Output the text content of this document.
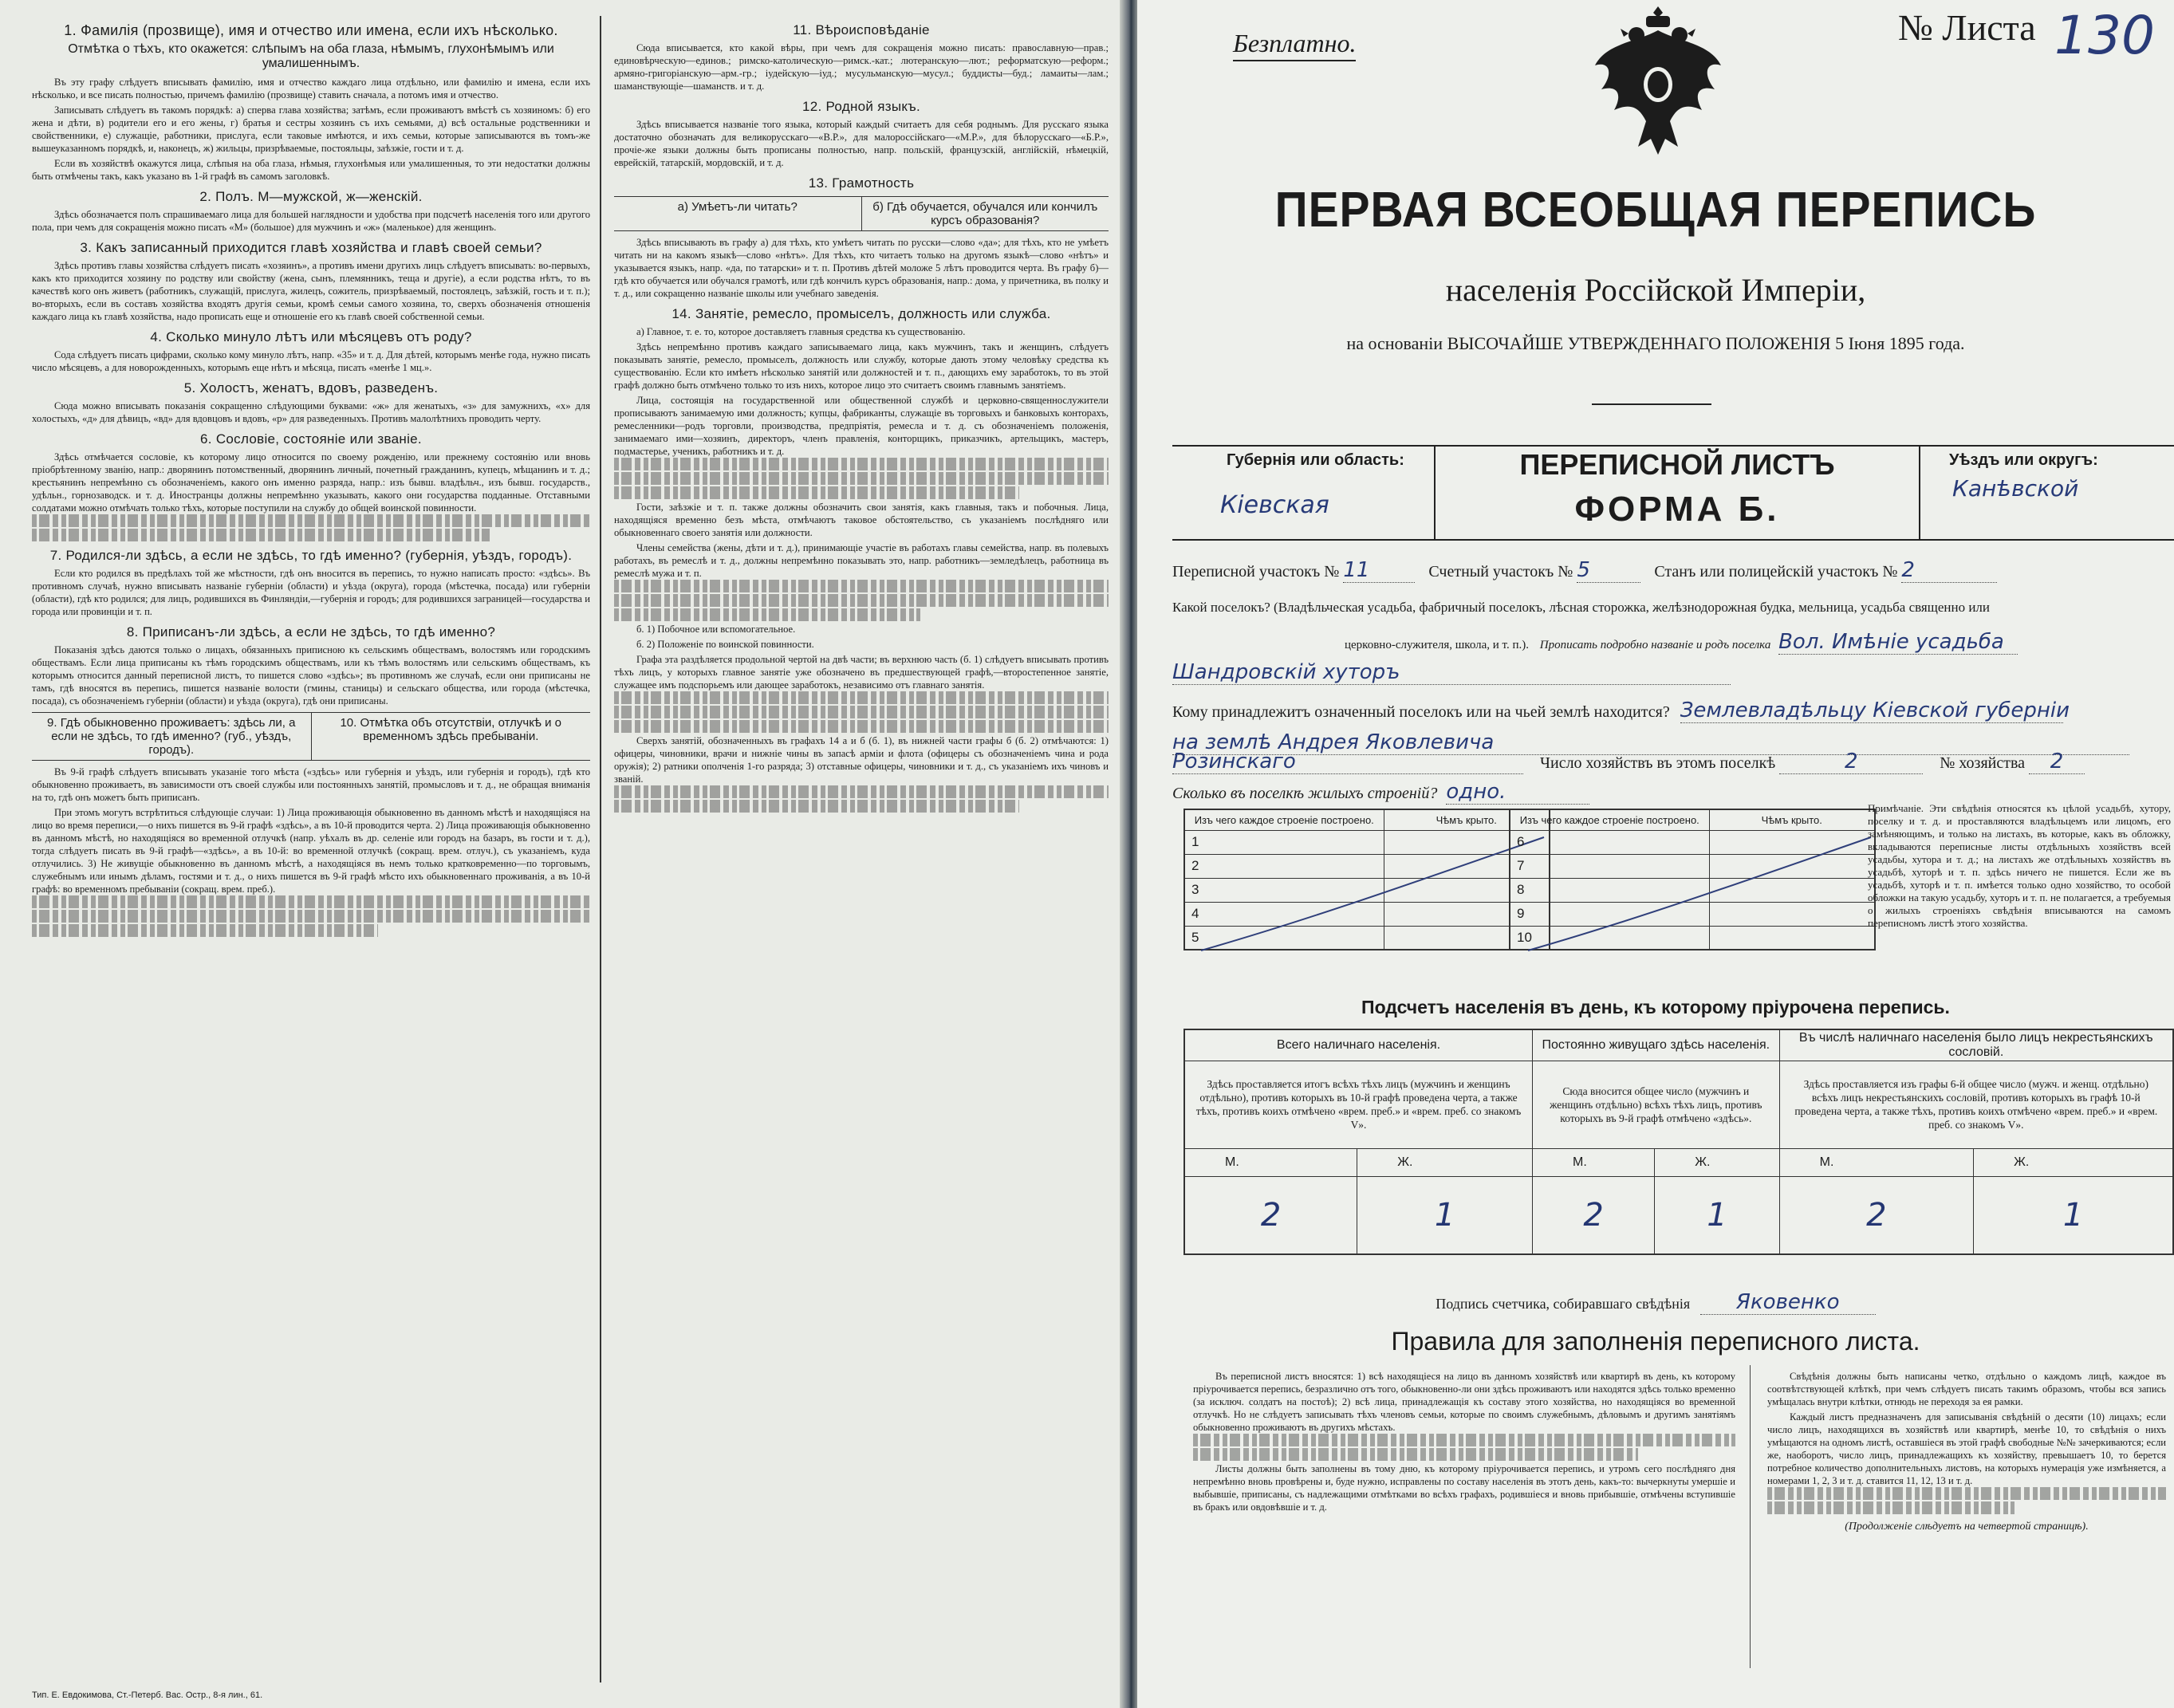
1. Фамилія (прозвище), имя и отчество или имена, если ихъ нѣсколько.
Отмѣтка о тѣхъ, кто окажется: слѣпымъ на оба глаза, нѣмымъ, глухонѣмымъ или умалишеннымъ.

Въ эту графу слѣдуетъ вписывать фамилію, имя и отчество каждаго лица отдѣльно, или фамилію и имена, если ихъ нѣсколько, и все писать полностью, причемъ фамилію (прозвище) ставить сначала, а потомъ имя и отчество.

Записывать слѣдуетъ въ такомъ порядкѣ: а) сперва глава хозяйства; затѣмъ, если проживаютъ вмѣстѣ съ хозяиномъ: б) его жена и дѣти, в) родители его и его жены, г) братья и сестры хозяинъ съ ихъ семьями, д) всѣ остальные родственники и свойственники, е) служащіе, работники, прислуга, если таковые имѣются, и ихъ семьи, которые записываются въ томъ-же вышеуказанномъ порядкѣ, и, наконецъ, ж) жильцы, призрѣваемые, постояльцы, заѣзжіе, гости и т. д.

Если въ хозяйствѣ окажутся лица, слѣпыя на оба глаза, нѣмыя, глухонѣмыя или умалишенныя, то эти недостатки должны быть отмѣчены такъ, какъ указано въ 1-й графѣ въ самомъ заголовкѣ.

2. Полъ. М—мужской, ж—женскій.

Здѣсь обозначается полъ спрашиваемаго лица для большей наглядности и удобства при подсчетѣ населенія того или другого пола, при чемъ для сокращенія можно писать «М» (большое) для мужчинъ и «ж» (маленькое) для женщинъ.

3. Какъ записанный приходится главѣ хозяйства и главѣ своей семьи?

Здѣсь противъ главы хозяйства слѣдуетъ писать «хозяинъ», а противъ имени другихъ лицъ слѣдуетъ вписывать: во-первыхъ, какъ кто приходится хозяину по родству или свойству (жена, сынъ, племянникъ, теща и другіе), а если родства нѣтъ, то въ качествѣ кого онъ живетъ (работникъ, служащій, прислуга, жилецъ, сожитель, призрѣваемый, постоялецъ, заѣзжій, гость и т. п.); во-вторыхъ, если въ составъ хозяйства входятъ другія семьи, кромѣ семьи самого хозяина, то, сверхъ обозначенія отношенія каждаго лица къ главѣ хозяйства, надо прописать еще и отношеніе его къ главѣ своей собственной семьи.

4. Сколько минуло лѣтъ или мѣсяцевъ отъ роду?

Сода слѣдуетъ писать цифрами, сколько кому минуло лѣтъ, напр. «35» и т. д. Для дѣтей, которымъ менѣе года, нужно писать число мѣсяцевъ, а для новорожденныхъ, которымъ еще нѣтъ и мѣсяца, писать «менѣе 1 мц.».

5. Холостъ, женатъ, вдовъ, разведенъ.

Сюда можно вписывать показанія сокращенно слѣдующими буквами: «ж» для женатыхъ, «з» для замужнихъ, «х» для холостыхъ, «д» для дѣвицъ, «вд» для вдовцовъ и вдовъ, «р» для разведенныхъ. Противъ малолѣтнихъ проводить черту.

6. Сословіе, состояніе или званіе.

Здѣсь отмѣчается сословіе, къ которому лицо относится по своему рожденію, или прежнему состоянію или вновь пріобрѣтенному званію, напр.: дворянинъ потомственный, дворянинъ личный, почетный гражданинъ, купецъ, мѣщанинъ и т. д.; крестьянинъ непремѣнно съ обозначеніемъ, какого онъ именно разряда, напр.: изъ бывш. владѣльч., изъ бывш. государств., удѣльн., горнозаводск. и т. д. Иностранцы должны непремѣнно указывать, какого они государства подданные. Отставными солдатами можно отмѣчать только тѣхъ, которые поступили на службу до общей воинской повинности.

7. Родился-ли здѣсь, а если не здѣсь, то гдѣ именно? (губернія, уѣздъ, городъ).

Если кто родился въ предѣлахъ той же мѣстности, гдѣ онъ вносится въ перепись, то нужно написать просто: «здѣсь». Въ противномъ случаѣ, нужно вписывать названіе губерніи (области) и уѣзда (округа), города (мѣстечка, посада) или губерніи (области), гдѣ кто родился; для лицъ, родившихся въ Финляндіи,—губернія и городъ; для родившихся заграницей—государства и города или провинціи и т. п.

8. Приписанъ-ли здѣсь, а если не здѣсь, то гдѣ именно?

Показанія здѣсь даются только о лицахъ, обязанныхъ приписною къ сельскимъ обществамъ, волостямъ или городскимъ обществамъ. Если лица приписаны къ тѣмъ городскимъ обществамъ, или къ тѣмъ волостямъ или сельскимъ обществамъ, къ которымъ относится данный переписной листъ, то пишется слово «здѣсь»; въ противномъ же случаѣ, если они приписаны не тамъ, гдѣ вносятся въ перепись, пишется названіе волости (гмины, станицы) и сельскаго общества, или города (мѣстечка, посада), съ обозначеніемъ губерніи (области) и уѣзда (округа), гдѣ они приписаны.

9. Гдѣ обыкновенно проживаетъ: здѣсь ли, а если не здѣсь, то гдѣ именно? (губ., уѣздъ, городъ).
10. Отмѣтка объ отсутствіи, отлучкѣ и о временномъ здѣсь пребываніи.

Въ 9-й графѣ слѣдуетъ вписывать указаніе того мѣста («здѣсь» или губернія и уѣздъ, или губернія и городъ), гдѣ кто обыкновенно проживаетъ, въ зависимости отъ своей службы или постоянныхъ занятій, промысловъ и т. д., не обращая вниманія на то, гдѣ онъ можетъ быть приписанъ.

При этомъ могутъ встрѣтиться слѣдующіе случаи: 1) Лица проживающія обыкновенно въ данномъ мѣстѣ и находящіяся на лицо во время переписи,—о нихъ пишется въ 9-й графѣ «здѣсь», а въ 10-й проводится черта. 2) Лица проживающія обыкновенно въ данномъ мѣстѣ, но находящіяся во временной отлучкѣ (напр. уѣхалъ въ др. селеніе или городъ на базаръ, въ гости и т. д.), тогда слѣдуетъ писать въ 9-й графѣ—«здѣсь», а въ 10-й: во временной отлучкѣ (сокращ. врем. отлуч.), съ указаніемъ, куда отлучились. 3) Не живущіе обыкновенно въ данномъ мѣстѣ, а находящіяся въ немъ только кратковременно—по торговымъ, служебнымъ или инымъ дѣламъ, гостями и т. д., о нихъ пишется въ 9-й графѣ мѣсто ихъ обыкновеннаго проживанія, а въ 10-й графѣ: во временномъ пребываніи (сокращ. врем. преб.).

11. Вѣроисповѣданіе

Сюда вписывается, кто какой вѣры, при чемъ для сокращенія можно писать: православную—прав.; единовѣрческую—единов.; римско-католическую—римск.-кат.; лютеранскую—лют.; реформатскую—реформ.; армяно-григоріанскую—арм.-гр.; іудейскую—іуд.; мусульманскую—мусул.; буддисты—буд.; ламаиты—лам.; шаманствующіе—шаманств. и т. д.

12. Родной языкъ.

Здѣсь вписывается названіе того языка, который каждый считаетъ для себя роднымъ. Для русскаго языка достаточно обозначать для великорусскаго—«В.Р.», для малороссійскаго—«М.Р.», для бѣлорусскаго—«Б.Р.», прочіе-же языки должны быть прописаны полностью, напр. польскій, французскій, англійскій, нѣмецкій, еврейскій, татарскій, мордовскій, и т. д.

13. Грамотность
а) Умѣетъ-ли читать?	б) Гдѣ обучается, обучался или кончилъ курсъ образованія?

Здѣсь вписывають въ графу а) для тѣхъ, кто умѣетъ читать по русски—слово «да»; для тѣхъ, кто не умѣетъ читать ни на какомъ языкѣ—слово «нѣтъ». Для тѣхъ, кто читаетъ только на другомъ языкѣ—слово «нѣтъ» и указывается языкъ, напр. «да, по татарски» и т. п. Противъ дѣтей моложе 5 лѣтъ проводится черта. Въ графу б)—гдѣ кто обучается или обучался грамотѣ, или гдѣ кончилъ курсъ образованія, напр.: дома, у причетника, въ полку и т. д., или сокращенно названіе школы или учебнаго заведенія.

14. Занятіе, ремесло, промыселъ, должность или служба.

а) Главное, т. е. то, которое доставляетъ главныя средства къ существованію.

Здѣсь непремѣнно противъ каждаго записываемаго лица, какъ мужчинъ, такъ и женщинъ, слѣдуетъ показывать занятіе, ремесло, промыселъ, должность или службу, которые дають этому человѣку средства къ существованію. Если кто имѣетъ нѣсколько занятій или должностей и т. п., дающихъ ему заработокъ, то въ этой графѣ должно быть отмѣчено только то изъ нихъ, которое лицо это считаетъ своимъ главнымъ занятіемъ.

Лица, состоящія на государственной или общественной службѣ и церковно-священнослужители прописываютъ занимаемую ими должность; купцы, фабриканты, служащіе въ торговыхъ и банковыхъ конторахъ, ремесленники—родъ торговли, производства, предпріятія, ремесла и т. д. съ обозначеніемъ положенія, занимаемаго ими—хозяинъ, директоръ, членъ правленія, конторщикъ, приказчикъ, артельщикъ, мастеръ, подмастерье, ученикъ, работникъ и т. д.

Гости, заѣзжіе и т. п. также должны обозначить свои занятія, какъ главныя, такъ и побочныя. Лица, находящіяся временно безъ мѣста, отмѣчаютъ таковое обстоятельство, съ указаніемъ послѣдняго или обыкновеннаго своего занятія или должности.

Члены семейства (жены, дѣти и т. д.), принимающіе участіе въ работахъ главы семейства, напр. въ полевыхъ работахъ, въ ремеслѣ и т. д., должны непремѣнно показывать это, напр. работникъ—земледѣлецъ, работница въ ремеслѣ мужа и т. п.

б. 1) Побочное или вспомогательное.

б. 2) Положеніе по воинской повинности.

Графа эта раздѣляется продольной чертой на двѣ части; въ верхнюю часть (б. 1) слѣдуетъ вписывать противъ тѣхъ лицъ, у которыхъ главное занятіе уже обозначено въ предшествующей графѣ,—второстепенное занятіе, служащее имъ подспорьемъ или дающее заработокъ, независимо отъ главнаго занятія.

Сверхъ занятій, обозначенныхъ въ графахъ 14 а и б (б. 1), въ нижней части графы б (б. 2) отмѣчаются: 1) офицеры, чиновники, врачи и нижніе чины въ запасѣ арміи и флота (офицеры съ обозначеніемъ чина и рода оружія); 2) ратники ополченія 1-го разряда; 3) отставные офицеры, чиновники и т. д., съ указаніемъ ихъ чиновъ и званій.

Тип. Е. Евдокимова, Ст.-Петерб. Вас. Остр., 8-я лин., 61.
Безплатно.	№ Листа 130
ПЕРВАЯ ВСЕОБЩАЯ ПЕРЕПИСЬ
населенія Россійской Имперіи,
на основаніи ВЫСОЧАЙШЕ УТВЕРЖДЕННАГО ПОЛОЖЕНІЯ 5 Іюня 1895 года.
Губернія или область:
Кіевская
ПЕРЕПИСНОЙ ЛИСТЪ
ФОРМА Б.
Уѣздъ или округъ:
Канѣвской
Переписной участокъ № 11	Счетный участокъ № 5	Станъ или полицейскій участокъ № 2
Какой поселокъ? (Владѣльческая усадьба, фабричный поселокъ, лѣсная сторожка, желѣзнодорожная будка, мельница, усадьба священно или
церковно-служителя, школа, и т. п.). Прописать подробно названіе и родъ поселка Вол. Имѣніе усадьба
Шандровскій хуторъ
Кому принадлежитъ означенный поселокъ или на чьей землѣ находится? Землевладѣльцу Кіевской губерніи
на землѣ Андрея Яковлевича
Розинскаго	Число хозяйствъ въ этомъ поселкѣ	2	№ хозяйства 2
Сколько въ поселкѣ жилыхъ строеній? одно.
Изъ чего каждое строеніе построено.	Чѣмъ крыто.
1	
2	
3	
4	
5	
Изъ чего каждое строеніе построено.	Чѣмъ крыто.
6	
7	
8	
9	
10	
Примѣчаніе. Эти свѣдѣнія относятся къ цѣлой усадьбѣ, хутору, поселку и т. д. и проставляются владѣльцемъ или лицомъ, его замѣняющимъ, и только на листахъ, въ которые, какъ въ обложку, вкладываются переписные листы отдѣльныхъ хозяйствъ всей усадьбы, хутора и т. д.; на листахъ же отдѣльныхъ хозяйствъ въ усадьбѣ, хуторѣ и т. п. здѣсь ничего не пишется. Если же въ усадьбѣ, хуторѣ и т. п. имѣется только одно хозяйство, то особой обложки на такую усадьбу, хуторъ и т. п. не полагается, а требуемыя о жилыхъ строеніяхъ свѣдѣнія вписываются на самомъ переписномъ листѣ этого хозяйства.
Подсчетъ населенія въ день, къ которому пріурочена перепись.
Всего наличнаго населенія.		Постоянно живущаго здѣсь населенія.		Въ числѣ наличнаго населенія было лицъ некрестьянскихъ сословій.	
Здѣсь проставляется итогъ всѣхъ тѣхъ лицъ (мужчинъ и женщинъ отдѣльно), противъ которыхъ въ 10-й графѣ проведена черта, а также тѣхъ, противъ коихъ отмѣчено «врем. преб.» и «врем. преб. со знакомъ V».		Сюда вносится общее число (мужчинъ и женщинъ отдѣльно) всѣхъ тѣхъ лицъ, противъ которыхъ въ 9-й графѣ отмѣчено «здѣсь».		Здѣсь проставляется изъ графы 6-й общее число (мужч. и женщ. отдѣльно) всѣхъ лицъ некрестьянскихъ сословій, противъ которыхъ въ графѣ 10-й проведена черта, а также тѣхъ, противъ коихъ отмѣчено «врем. преб.» и «врем. преб. со знакомъ V».	
М.	Ж.	М.	Ж.	М.	Ж.
2	1	2	1	2	1
Подпись счетчика, собиравшаго свѣдѣнія Яковенко
Правила для заполненія переписного листа.

Въ переписной листъ вносятся: 1) всѣ находящіеся на лицо въ данномъ хозяйствѣ или квартирѣ въ день, къ которому пріурочивается перепись, безразлично отъ того, обыкновенно-ли они здѣсь проживаютъ или находятся здѣсь только временно (за исключ. солдатъ на постоѣ); 2) всѣ лица, принадлежащія къ составу этого хозяйства, но находящіяся во временной отлучкѣ. Но не слѣдуетъ записывать тѣхъ членовъ семьи, которые по своимъ служебнымъ, дѣловымъ и другимъ занятіямъ обыкновенно проживаютъ въ другихъ мѣстахъ.

Листы должны быть заполнены въ тому дню, къ которому пріурочивается перепись, и утромъ сего послѣдняго дня непремѣнно вновь провѣрены и, буде нужно, исправлены по составу населенія въ этотъ день, какъ-то: вычеркнуты умершіе и выбывшіе, приписаны, съ надлежащими отмѣтками во всѣхъ графахъ, родившіеся и вновь прибывшіе, отмѣчены вступившіе въ бракъ или овдовѣвшіе и т. д.

Свѣдѣнія должны быть написаны четко, отдѣльно о каждомъ лицѣ, каждое въ соотвѣтствующей клѣткѣ, при чемъ слѣдуетъ писать такимъ образомъ, чтобы вся запись умѣщалась внутри клѣтки, отнюдь не переходя за ея рамки.

Каждый листъ предназначенъ для записыванія свѣдѣній о десяти (10) лицахъ; если число лицъ, находящихся въ хозяйствѣ или квартирѣ, менѣе 10, то свѣдѣнія о нихъ умѣщаются на одномъ листѣ, оставшіеся въ этой графѣ свободные №№ зачеркиваются; если же, наоборотъ, число лицъ, принадлежащихъ къ хозяйству, превышаетъ 10, то берется потребное количество дополнительныхъ листовъ, на которыхъ нумерація уже измѣняется, а номерами 1, 2, 3 и т. д. ставится 11, 12, 13 и т. д.

(Продолженіе слѣдуетъ на четвертой страницѣ).
